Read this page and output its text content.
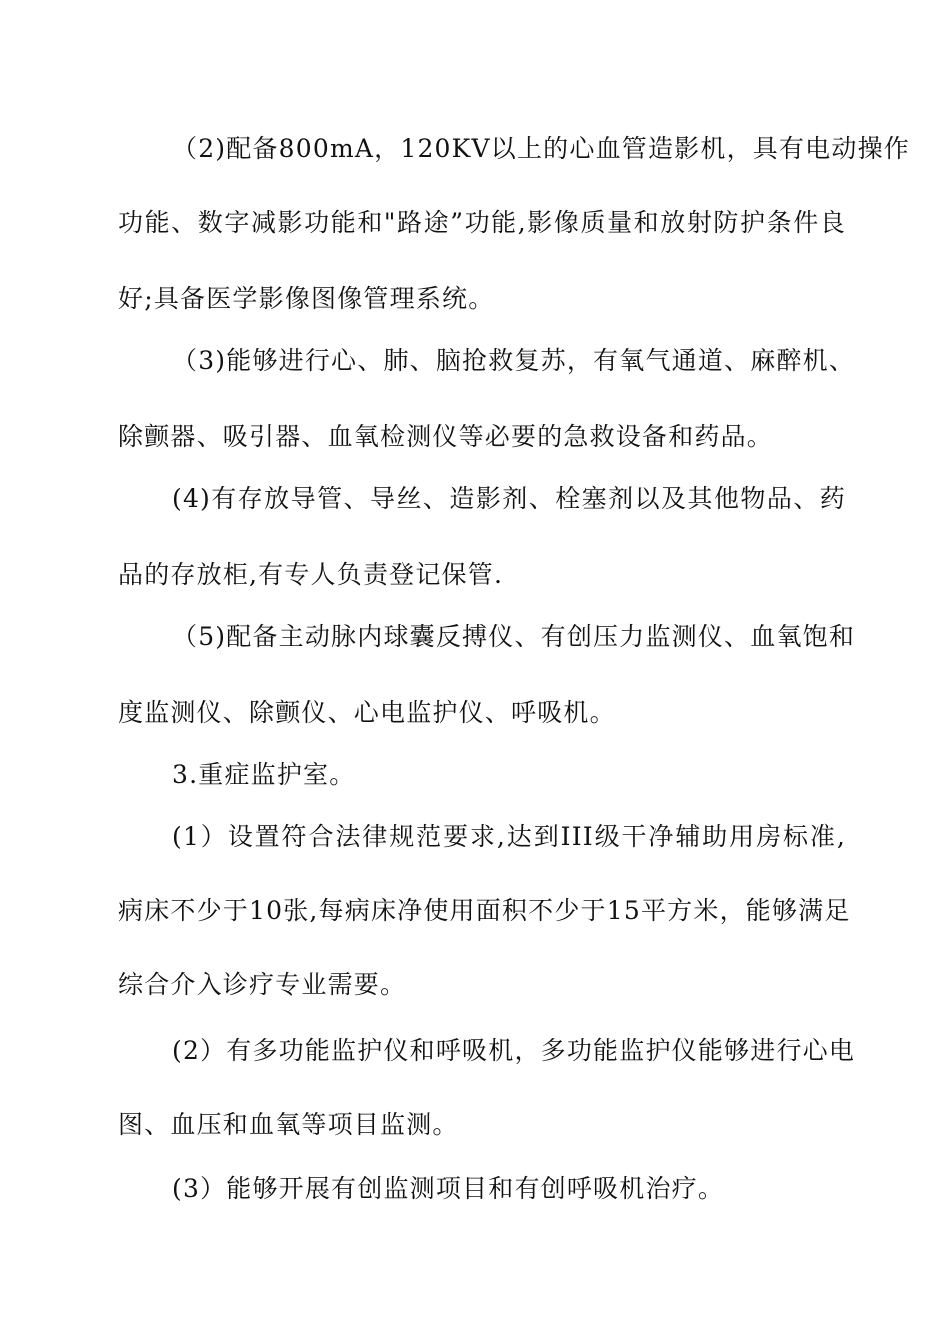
（2)配备800mA，120KV以上的心血管造影机，具有电动操作
功能、数字减影功能和"路途”功能,影像质量和放射防护条件良
好;具备医学影像图像管理系统。
（3)能够进行心、肺、脑抢救复苏，有氧气通道、麻醉机、
除颤器、吸引器、血氧检测仪等必要的急救设备和药品。
(4)有存放导管、导丝、造影剂、栓塞剂以及其他物品、药
品的存放柜,有专人负责登记保管.
（5)配备主动脉内球囊反搏仪、有创压力监测仪、血氧饱和
度监测仪、除颤仪、心电监护仪、呼吸机。
3.重症监护室。
(1）设置符合法律规范要求,达到III级干净辅助用房标准,
病床不少于10张,每病床净使用面积不少于15平方米，能够满足
综合介入诊疗专业需要。
(2）有多功能监护仪和呼吸机，多功能监护仪能够进行心电
图、血压和血氧等项目监测。
(3）能够开展有创监测项目和有创呼吸机治疗。
